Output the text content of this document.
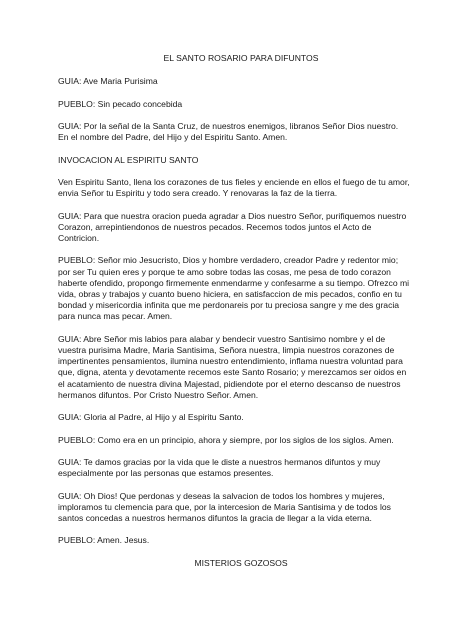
EL SANTO ROSARIO PARA DIFUNTOS
GUIA: Ave Maria Purisima
PUEBLO: Sin pecado concebida
GUIA: Por la señal de la Santa Cruz, de nuestros enemigos, libranos Señor Dios nuestro.
En el nombre del Padre, del Hijo y del Espiritu Santo. Amen.
INVOCACION AL ESPIRITU SANTO
Ven Espiritu Santo, llena los corazones de tus fieles y enciende en ellos el fuego de tu amor,
envia Señor tu Espiritu y todo sera creado. Y renovaras la faz de la tierra.
GUIA: Para que nuestra oracion pueda agradar a Dios nuestro Señor, purifiquemos nuestro
Corazon, arrepintiendonos de nuestros pecados. Recemos todos juntos el Acto de
Contricion.
PUEBLO: Señor mio Jesucristo, Dios y hombre verdadero, creador Padre y redentor mio;
por ser Tu quien eres y porque te amo sobre todas las cosas, me pesa de todo corazon
haberte ofendido, propongo firmemente enmendarme y confesarme a su tiempo. Ofrezco mi
vida, obras y trabajos y cuanto bueno hiciera, en satisfaccion de mis pecados, confio en tu
bondad y misericordia infinita que me perdonareis por tu preciosa sangre y me des gracia
para nunca mas pecar. Amen.
GUIA: Abre Señor mis labios para alabar y bendecir vuestro Santisimo nombre y el de
vuestra purisima Madre, Maria Santisima, Señora nuestra, limpia nuestros corazones de
impertinentes pensamientos, ilumina nuestro entendimiento, inflama nuestra voluntad para
que, digna, atenta y devotamente recemos este Santo Rosario; y merezcamos ser oidos en
el acatamiento de nuestra divina Majestad, pidiendote por el eterno descanso de nuestros
hermanos difuntos. Por Cristo Nuestro Señor. Amen.
GUIA: Gloria al Padre, al Hijo y al Espiritu Santo.
PUEBLO: Como era en un principio, ahora y siempre, por los siglos de los siglos. Amen.
GUIA: Te damos gracias por la vida que le diste a nuestros hermanos difuntos y muy
especialmente por las personas que estamos presentes.
GUIA: Oh Dios! Que perdonas y deseas la salvacion de todos los hombres y mujeres,
imploramos tu clemencia para que, por la intercesion de Maria Santisima y de todos los
santos concedas a nuestros hermanos difuntos la gracia de llegar a la vida eterna.
PUEBLO: Amen. Jesus.
MISTERIOS GOZOSOS
